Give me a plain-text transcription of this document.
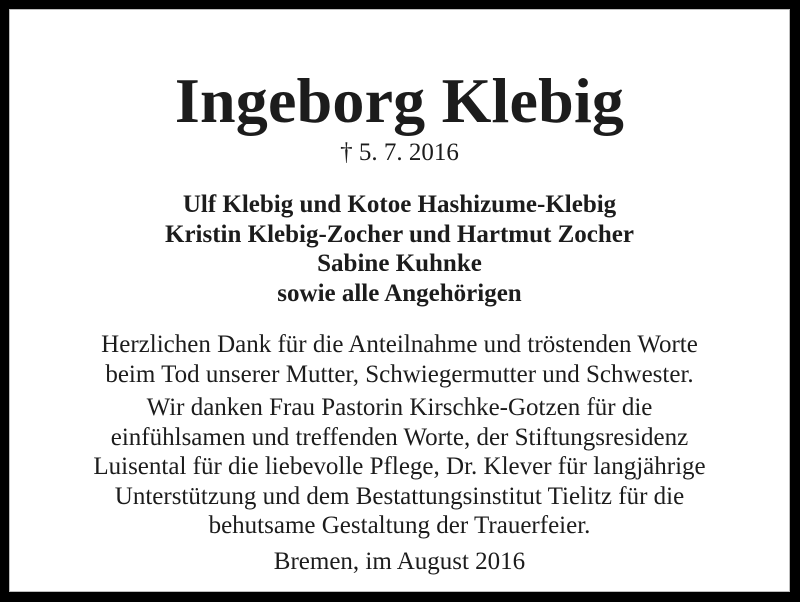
Ingeborg Klebig
† 5. 7. 2016
Ulf Klebig und Kotoe Hashizume-Klebig
Kristin Klebig-Zocher und Hartmut Zocher
Sabine Kuhnke
sowie alle Angehörigen
Herzlichen Dank für die Anteilnahme und tröstenden Worte
beim Tod unserer Mutter, Schwiegermutter und Schwester.
Wir danken Frau Pastorin Kirschke-Gotzen für die
einfühlsamen und treffenden Worte, der Stiftungsresidenz
Luisental für die liebevolle Pflege, Dr. Klever für langjährige
Unterstützung und dem Bestattungsinstitut Tielitz für die
behutsame Gestaltung der Trauerfeier.
Bremen, im August 2016
